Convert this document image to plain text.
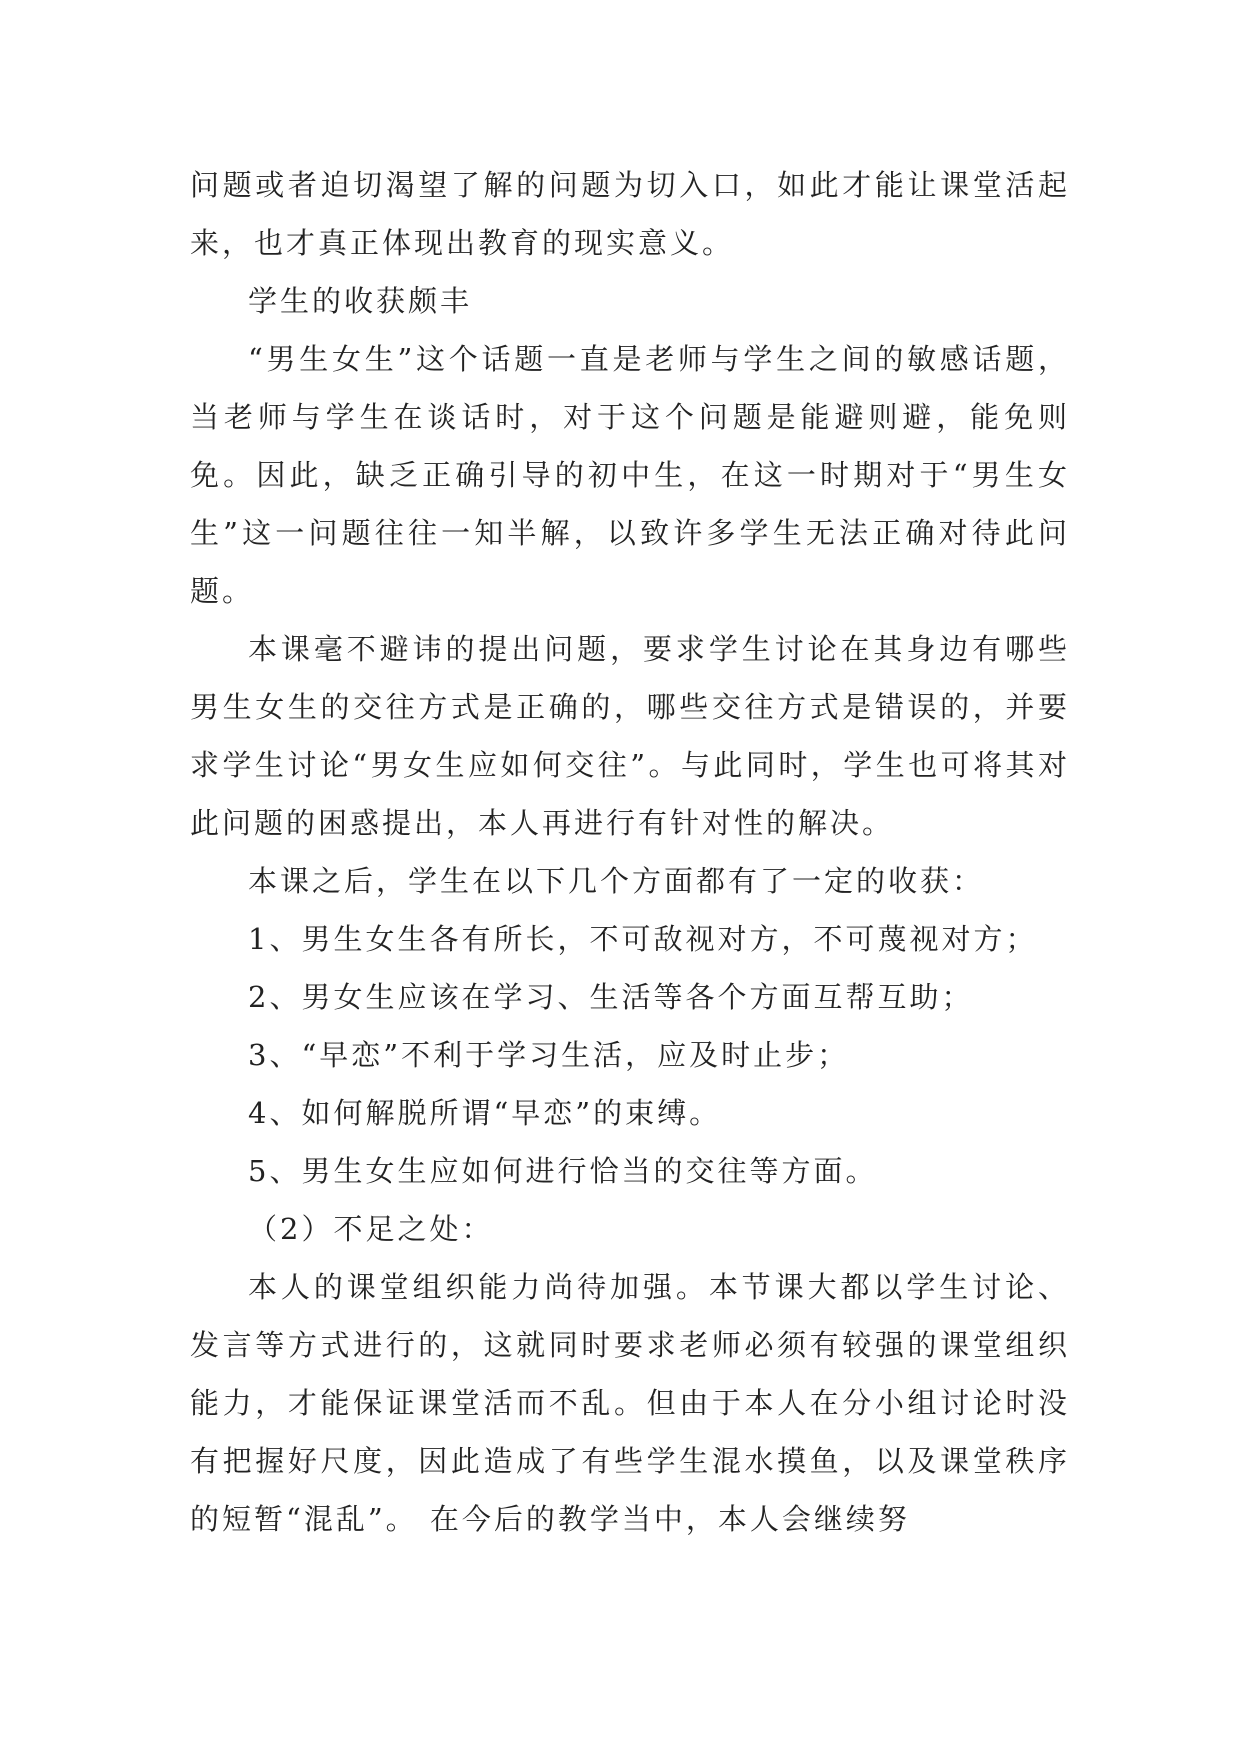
问题或者迫切渴望了解的问题为切入口，如此才能让课堂活起来，也才真正体现出教育的现实意义。

学生的收获颇丰

“男生女生”这个话题一直是老师与学生之间的敏感话题，当老师与学生在谈话时，对于这个问题是能避则避，能免则免。因此，缺乏正确引导的初中生，在这一时期对于“男生女生”这一问题往往一知半解，以致许多学生无法正确对待此问题。

本课毫不避讳的提出问题，要求学生讨论在其身边有哪些男生女生的交往方式是正确的，哪些交往方式是错误的，并要求学生讨论“男女生应如何交往”。与此同时，学生也可将其对此问题的困惑提出，本人再进行有针对性的解决。

本课之后，学生在以下几个方面都有了一定的收获：

1、男生女生各有所长，不可敌视对方，不可蔑视对方；

2、男女生应该在学习、生活等各个方面互帮互助；

3、“早恋”不利于学习生活，应及时止步；

4、如何解脱所谓“早恋”的束缚。

5、男生女生应如何进行恰当的交往等方面。

（2）不足之处：

本人的课堂组织能力尚待加强。本节课大都以学生讨论、发言等方式进行的，这就同时要求老师必须有较强的课堂组织能力，才能保证课堂活而不乱。但由于本人在分小组讨论时没有把握好尺度，因此造成了有些学生混水摸鱼，以及课堂秩序的短暂“混乱”。 在今后的教学当中，本人会继续努
